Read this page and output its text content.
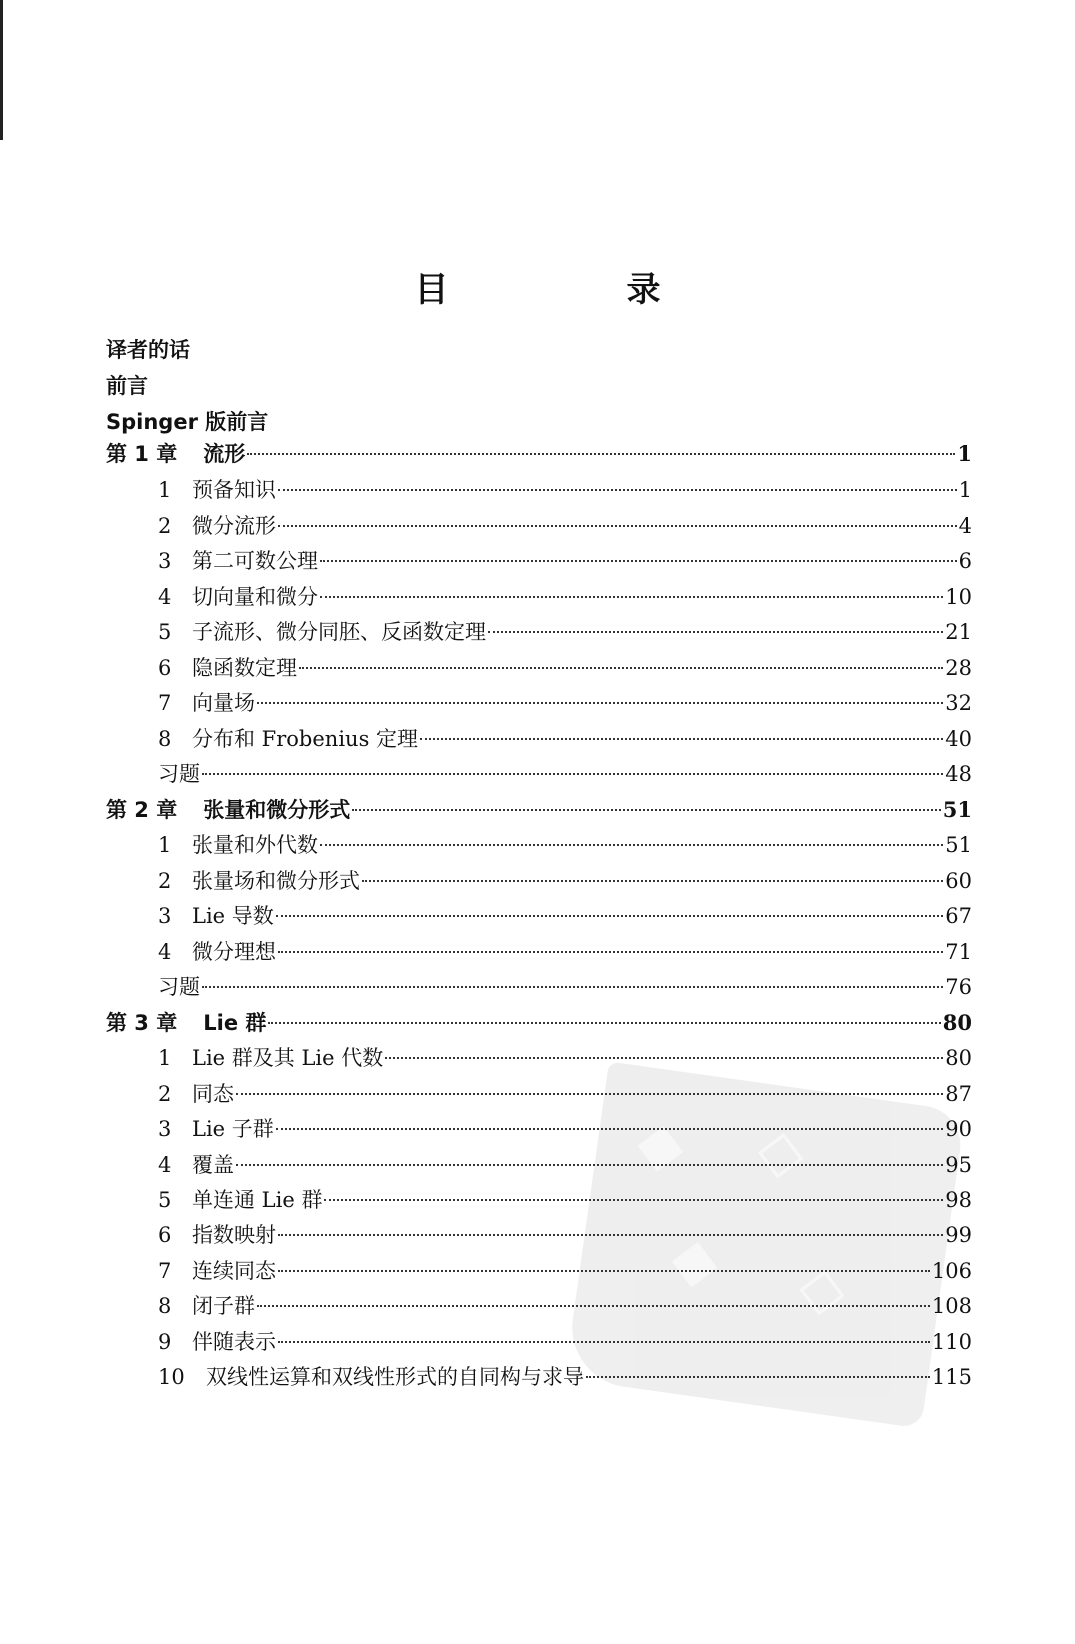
◆ ◇
◆ ◇
目　录
译者的话
前言
Spinger 版前言
第 1 章 流形	1
1 预备知识	1
2 微分流形	4
3 第二可数公理	6
4 切向量和微分	10
5 子流形、微分同胚、反函数定理	21
6 隐函数定理	28
7 向量场	32
8 分布和 Frobenius 定理	40
习题	48
第 2 章 张量和微分形式	51
1 张量和外代数	51
2 张量场和微分形式	60
3 Lie 导数	67
4 微分理想	71
习题	76
第 3 章 Lie 群	80
1 Lie 群及其 Lie 代数	80
2 同态	87
3 Lie 子群	90
4 覆盖	95
5 单连通 Lie 群	98
6 指数映射	99
7 连续同态	106
8 闭子群	108
9 伴随表示	110
10	双线性运算和双线性形式的自同构与求导	115
